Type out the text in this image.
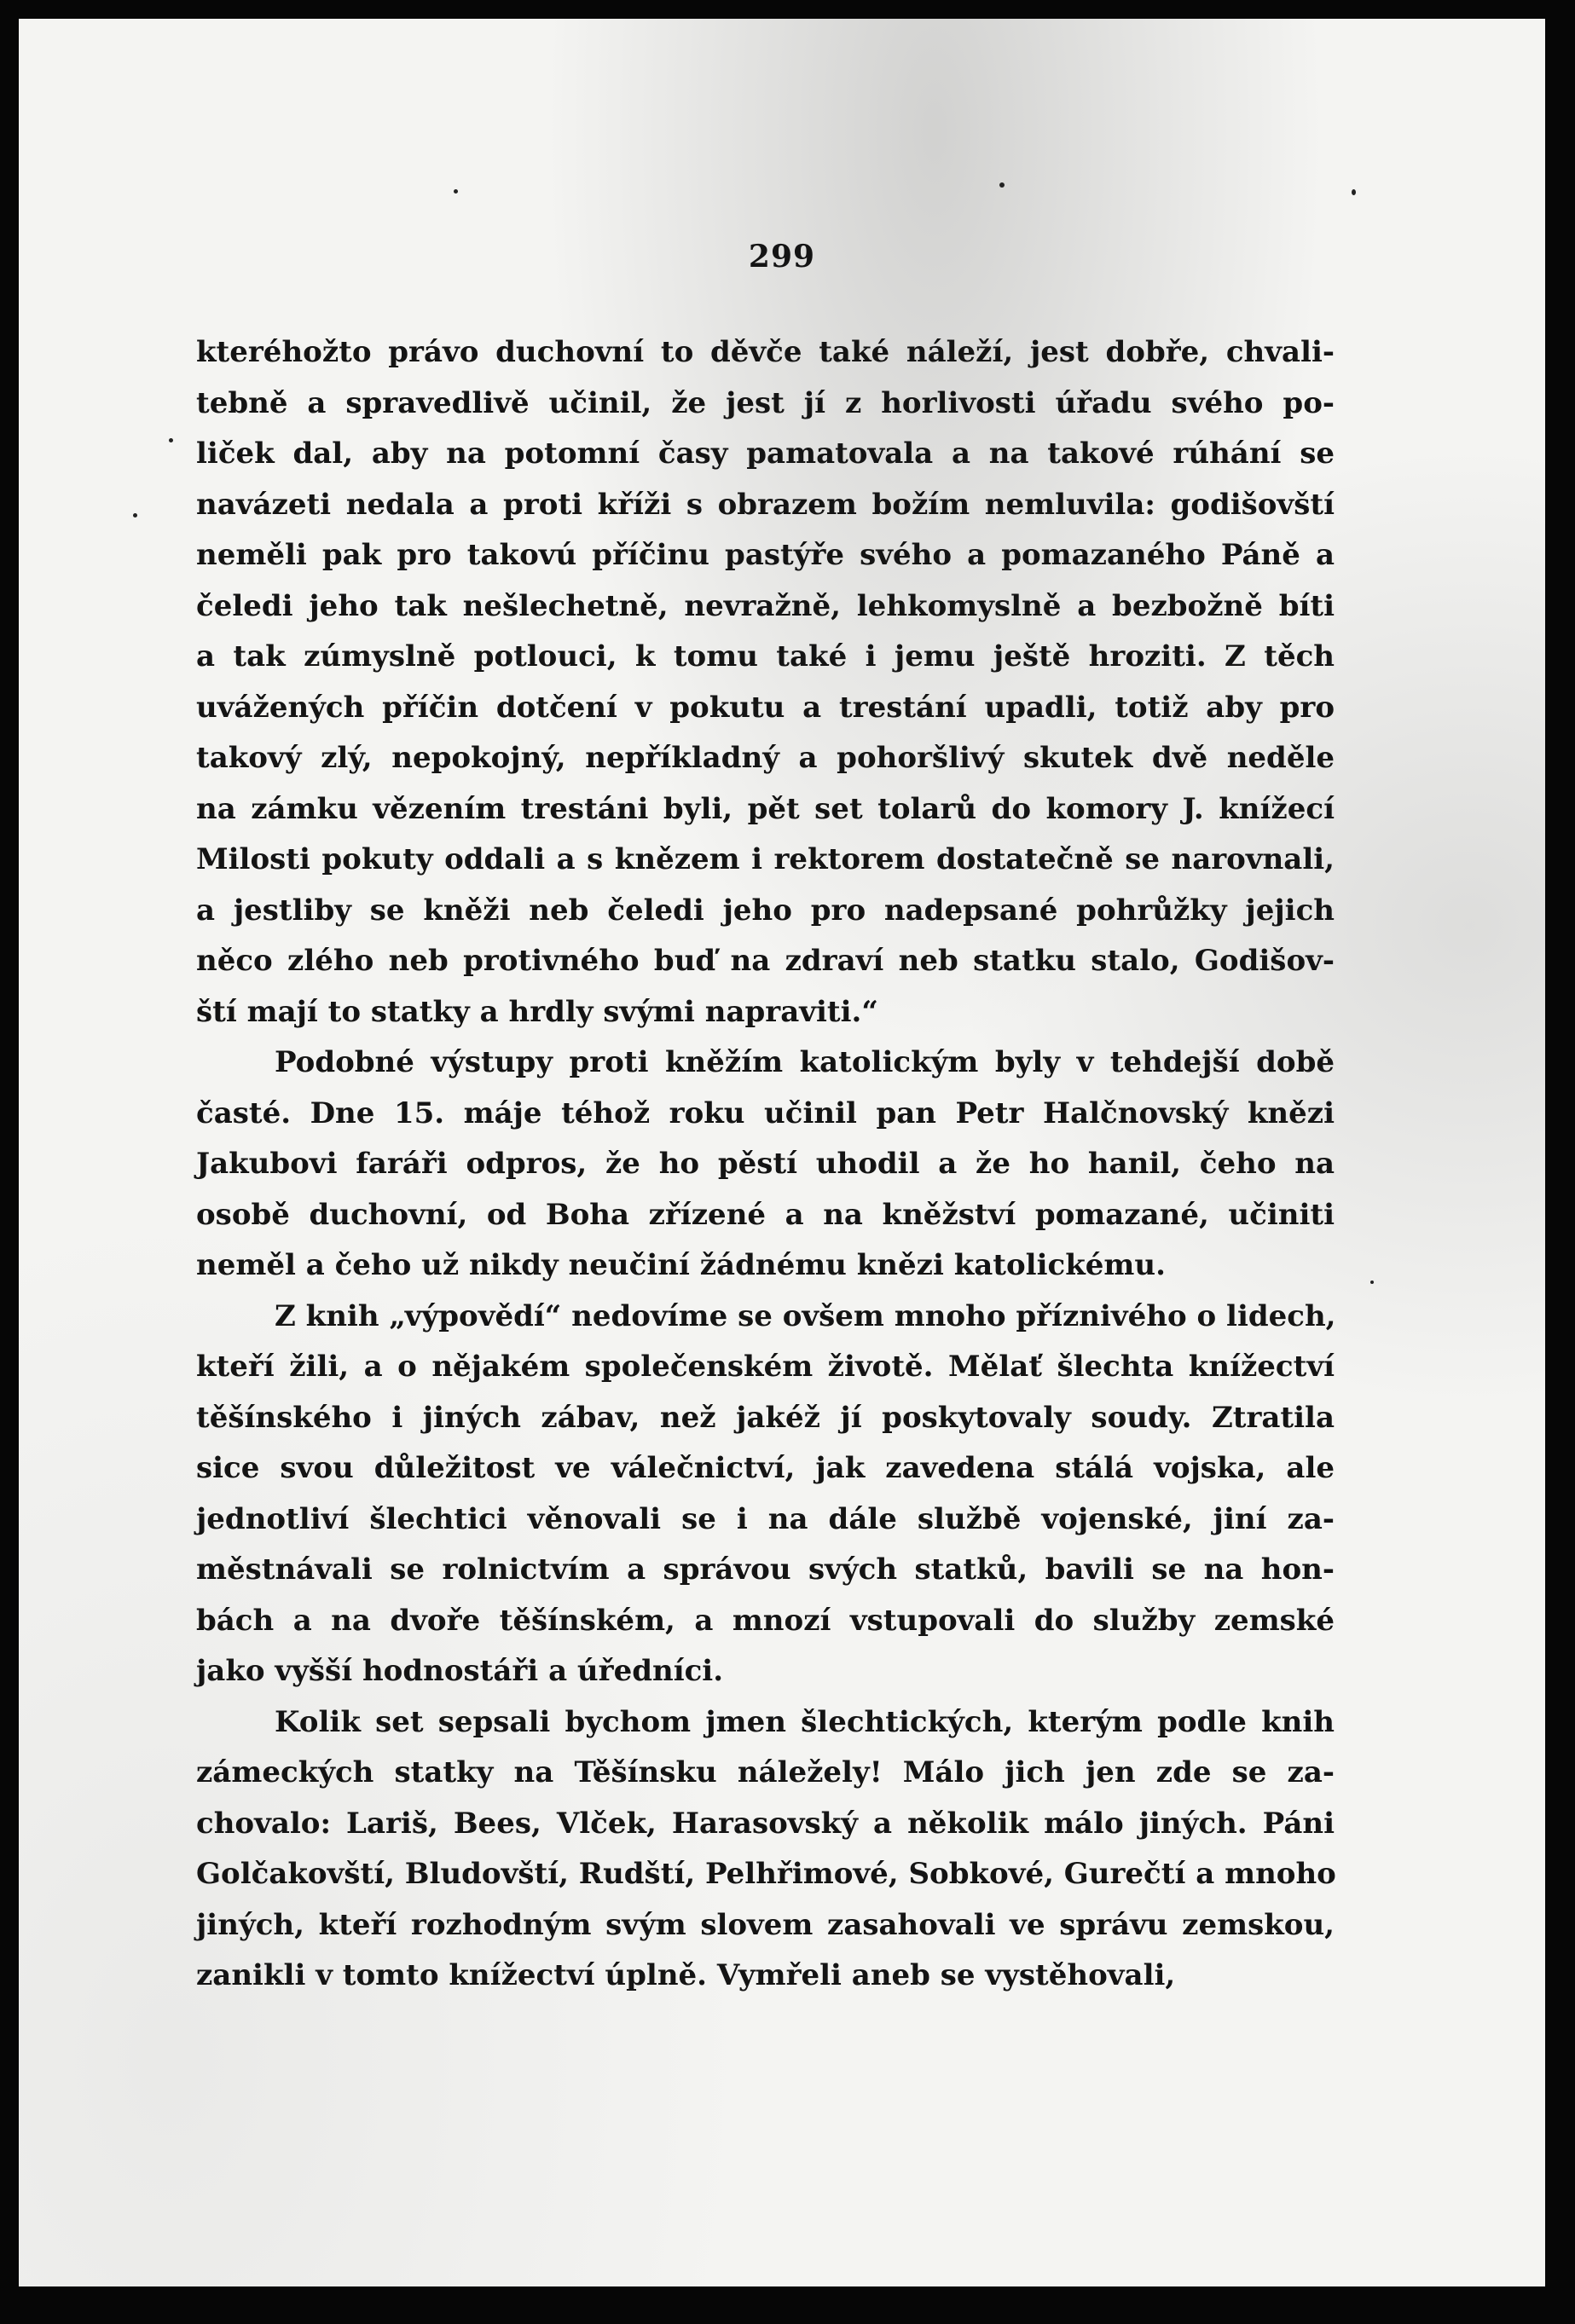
299
kteréhožto právo duchovní to děvče také náleží, jest dobře, chvali-
tebně a spravedlivě učinil, že jest jí z horlivosti úřadu svého po-
liček dal, aby na potomní časy pamatovala a na takové rúhání se
navázeti nedala a proti kříži s obrazem božím nemluvila: godišovští
neměli pak pro takovú příčinu pastýře svého a pomazaného Páně a
čeledi jeho tak nešlechetně, nevražně, lehkomyslně a bezbožně bíti
a tak zúmyslně potlouci, k tomu také i jemu ještě hroziti. Z těch
uvážených příčin dotčení v pokutu a trestání upadli, totiž aby pro
takový zlý, nepokojný, nepříkladný a pohoršlivý skutek dvě neděle
na zámku vězením trestáni byli, pět set tolarů do komory J. knížecí
Milosti pokuty oddali a s knězem i rektorem dostatečně se narovnali,
a jestliby se kněži neb čeledi jeho pro nadepsané pohrůžky jejich
něco zlého neb protivného buď na zdraví neb statku stalo, Godišov-
ští mají to statky a hrdly svými napraviti.“
Podobné výstupy proti kněžím katolickým byly v tehdejší době
časté. Dne 15. máje téhož roku učinil pan Petr Halčnovský knězi
Jakubovi faráři odpros, že ho pěstí uhodil a že ho hanil, čeho na
osobě duchovní, od Boha zřízené a na kněžství pomazané, učiniti
neměl a čeho už nikdy neučiní žádnému knězi katolickému.
Z knih „výpovědí“ nedovíme se ovšem mnoho příznivého o lidech,
kteří žili, a o nějakém společenském životě. Mělať šlechta knížectví
těšínského i jiných zábav, než jakéž jí poskytovaly soudy. Ztratila
sice svou důležitost ve válečnictví, jak zavedena stálá vojska, ale
jednotliví šlechtici věnovali se i na dále službě vojenské, jiní za-
městnávali se rolnictvím a správou svých statků, bavili se na hon-
bách a na dvoře těšínském, a mnozí vstupovali do služby zemské
jako vyšší hodnostáři a úředníci.
Kolik set sepsali bychom jmen šlechtických, kterým podle knih
zámeckých statky na Těšínsku náležely! Málo jich jen zde se za-
chovalo: Lariš, Bees, Vlček, Harasovský a několik málo jiných. Páni
Golčakovští, Bludovští, Rudští, Pelhřimové, Sobkové, Gurečtí a mnoho
jiných, kteří rozhodným svým slovem zasahovali ve správu zemskou,
zanikli v tomto knížectví úplně. Vymřeli aneb se vystěhovali,
